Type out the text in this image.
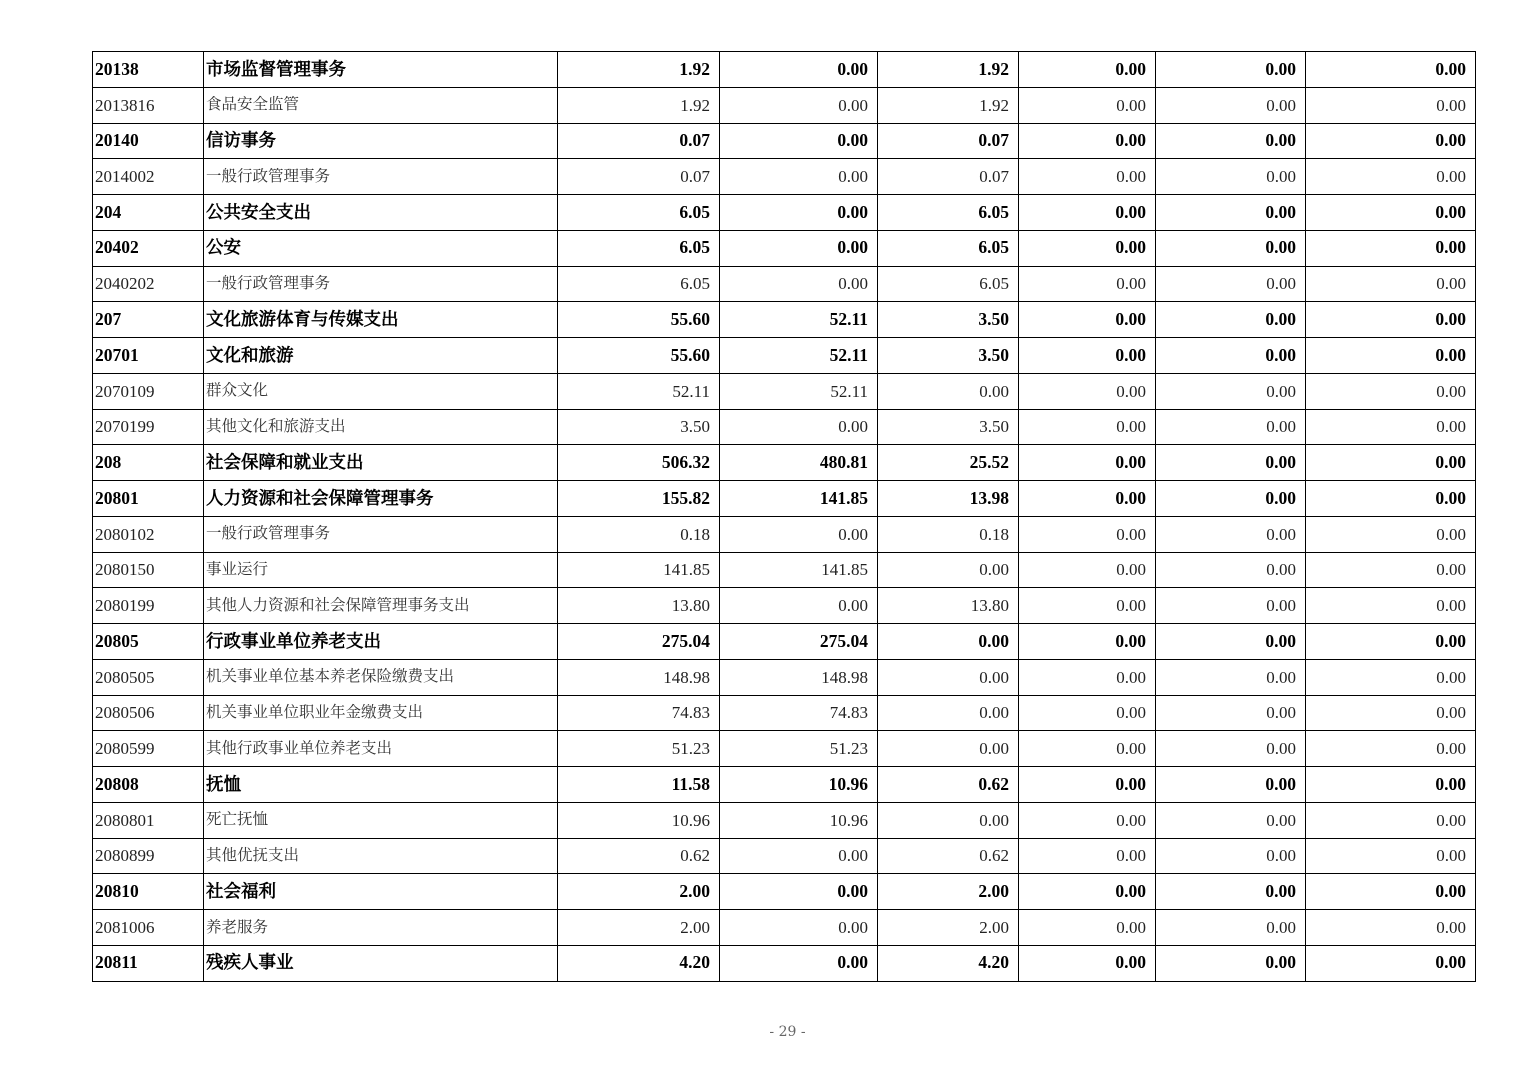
20138	市场监督管理事务	1.92	0.00	1.92	0.00	0.00	0.00
2013816	食品安全监管	1.92	0.00	1.92	0.00	0.00	0.00
20140	信访事务	0.07	0.00	0.07	0.00	0.00	0.00
2014002	一般行政管理事务	0.07	0.00	0.07	0.00	0.00	0.00
204	公共安全支出	6.05	0.00	6.05	0.00	0.00	0.00
20402	公安	6.05	0.00	6.05	0.00	0.00	0.00
2040202	一般行政管理事务	6.05	0.00	6.05	0.00	0.00	0.00
207	文化旅游体育与传媒支出	55.60	52.11	3.50	0.00	0.00	0.00
20701	文化和旅游	55.60	52.11	3.50	0.00	0.00	0.00
2070109	群众文化	52.11	52.11	0.00	0.00	0.00	0.00
2070199	其他文化和旅游支出	3.50	0.00	3.50	0.00	0.00	0.00
208	社会保障和就业支出	506.32	480.81	25.52	0.00	0.00	0.00
20801	人力资源和社会保障管理事务	155.82	141.85	13.98	0.00	0.00	0.00
2080102	一般行政管理事务	0.18	0.00	0.18	0.00	0.00	0.00
2080150	事业运行	141.85	141.85	0.00	0.00	0.00	0.00
2080199	其他人力资源和社会保障管理事务支出	13.80	0.00	13.80	0.00	0.00	0.00
20805	行政事业单位养老支出	275.04	275.04	0.00	0.00	0.00	0.00
2080505	机关事业单位基本养老保险缴费支出	148.98	148.98	0.00	0.00	0.00	0.00
2080506	机关事业单位职业年金缴费支出	74.83	74.83	0.00	0.00	0.00	0.00
2080599	其他行政事业单位养老支出	51.23	51.23	0.00	0.00	0.00	0.00
20808	抚恤	11.58	10.96	0.62	0.00	0.00	0.00
2080801	死亡抚恤	10.96	10.96	0.00	0.00	0.00	0.00
2080899	其他优抚支出	0.62	0.00	0.62	0.00	0.00	0.00
20810	社会福利	2.00	0.00	2.00	0.00	0.00	0.00
2081006	养老服务	2.00	0.00	2.00	0.00	0.00	0.00
20811	残疾人事业	4.20	0.00	4.20	0.00	0.00	0.00
- 29 -
